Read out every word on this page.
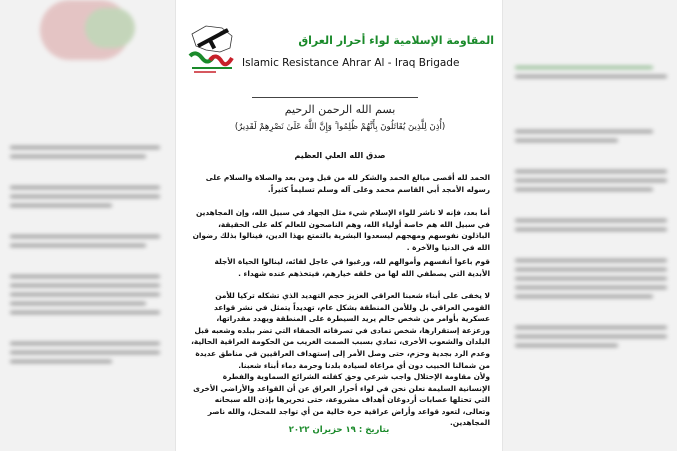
المقاومة الإسلامية لواء أحرار العراق
Islamic Resistance Ahrar Al - Iraq Brigade
بسم الله الرحمن الرحيم
(أُذِنَ لِلَّذِينَ يُقَاتَلُونَ بِأَنَّهُمْ ظُلِمُوا ۚ وَإِنَّ اللَّهَ عَلَىٰ نَصْرِهِمْ لَقَدِيرٌ)
صدق الله العلي العظيم

الحمد لله أقصى مبالغ الحمد والشكر لله من قبل ومن بعد والصلاة والسلام على رسوله الأمجد أبي القاسم محمد وعلى آله وسلم تسليماً كثيراً.

أما بعد، فإنه لا ناشر للواء الإسلام شيء مثل الجهاد في سبيل الله، وإن المجاهدين في سبيل الله هم خاصة أولياء الله، وهم الناصحون للعالم كله على الحقيقة، الباذلون نفوسهم ومهجهم ليسعدوا البشرية بالتمتع بهذا الدين، فينالوا بذلك رضوان الله في الدنيا والآخرة .

قوم باعوا أنفسهم وأموالهم لله، ورغبوا في عاجل لقائه، لينالوا الحياة الأجلة الأبدية التي يصطفي الله لها من خلقه خيارهم، فيتخذهم عنده شهداء .

لا يخفى على أبناء شعبنا العراقي العزيز حجم التهديد الذي تشكله تركيا للأمن القومي العراقي بل وللأمن المنطقة بشكل عام، تهديداً يتمثل في نشر قواعد عسكرية بأوامر من شخص حالم يريد السيطرة على المنطقة ويهدد مقدراتها، وزعزعة إستقرارها، شخص تمادى في تصرفاته الحمقاء التي تضر ببلده وشعبه قبل البلدان والشعوب الأخرى، تمادي بسبب الصمت الغريب من الحكومة العراقية الحالية، وعدم الرد بجدية وحزم، حتى وصل الأمر إلى إستهداف العراقيين في مناطق عديدة من شمالنا الحبيب دون أي مراعاة لسيادة بلدنا وحرمة دماء أبناء شعبنا.

ولأن مقاومة الإحتلال واجب شرعي وحق كفلته الشرائع السماوية والفطرة الإنسانية السليمة نعلن نحن في لواء أحرار العراق عن أن القواعد والأراضي الأخرى التي تحتلها عصابات أردوغان أهداف مشروعة، حتى تحريرها بإذن الله سبحانه وتعالى، لتعود قواعد وأراض عراقية حرة خالية من أي تواجد للمحتل، والله ناصر المجاهدين.

بتاريخ : ١٩ حزيران ٢٠٢٢
